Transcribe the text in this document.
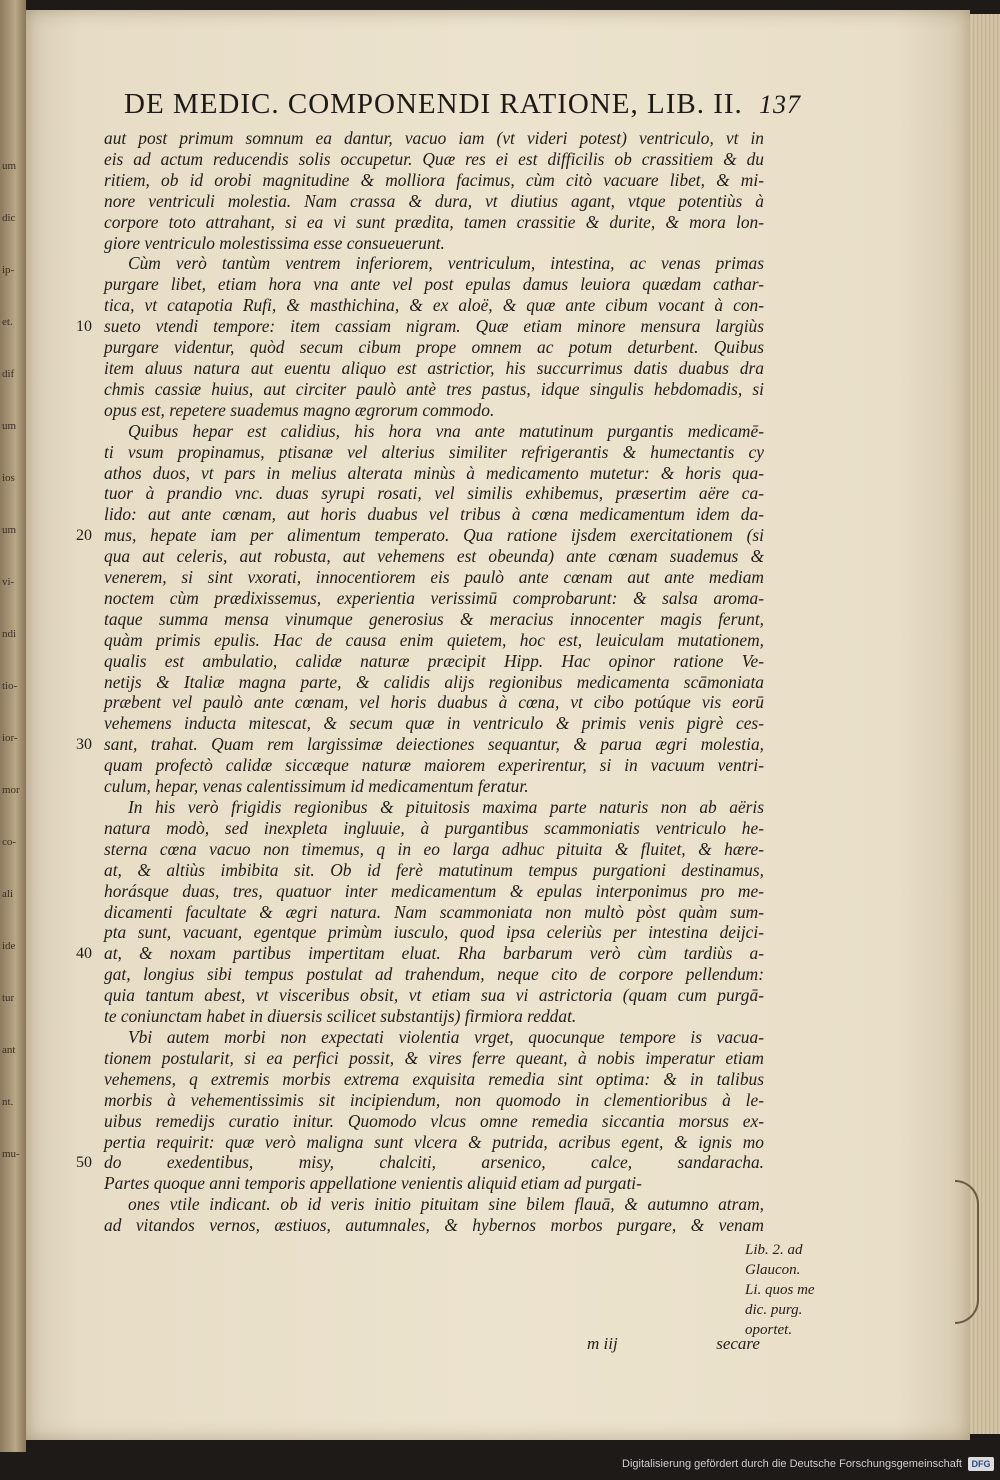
um
dic
ip-
et.
dif
um
ios
um
vi-
ndi
tio-
ior-
mor
co-
ali
ide
tur
ant
nt.
mu-
DE MEDIC. COMPONENDI RATIONE, LIB. II. 137

aut post primum somnum ea dantur, vacuo iam (vt videri potest) ventriculo, vt in

eis ad actum reducendis solis occupetur. Quæ res ei est difficilis ob crassitiem & du

ritiem, ob id orobi magnitudine & molliora facimus, cùm citò vacuare libet, & mi-

nore ventriculi molestia. Nam crassa & dura, vt diutius agant, vtque potentiùs à

corpore toto attrahant, si ea vi sunt prædita, tamen crassitie & durite, & mora lon-

giore ventriculo molestissima esse consueuerunt.

Cùm verò tantùm ventrem inferiorem, ventriculum, intestina, ac venas primas

purgare libet, etiam hora vna ante vel post epulas damus leuiora quædam cathar-

tica, vt catapotia Rufi, & masthichina, & ex aloë, & quæ ante cibum vocant à con-

sueto vtendi tempore: item cassiam nigram. Quæ etiam minore mensura largiùs

purgare videntur, quòd secum cibum prope omnem ac potum deturbent. Quibus

item aluus natura aut euentu aliquo est astrictior, his succurrimus datis duabus dra

chmis cassiæ huius, aut circiter paulò antè tres pastus, idque singulis hebdomadis, si

opus est, repetere suademus magno ægrorum commodo.

Quibus hepar est calidius, his hora vna ante matutinum purgantis medicamē-

ti vsum propinamus, ptisanæ vel alterius similiter refrigerantis & humectantis cy

athos duos, vt pars in melius alterata minùs à medicamento mutetur: & horis qua-

tuor à prandio vnc. duas syrupi rosati, vel similis exhibemus, præsertim aëre ca-

lido: aut ante cœnam, aut horis duabus vel tribus à cœna medicamentum idem da-

mus, hepate iam per alimentum temperato. Qua ratione ijsdem exercitationem (si

qua aut celeris, aut robusta, aut vehemens est obeunda) ante cœnam suademus &

venerem, si sint vxorati, innocentiorem eis paulò ante cœnam aut ante mediam

noctem cùm prædixissemus, experientia verissimū comprobarunt: & salsa aroma-

taque summa mensa vinumque generosius & meracius innocenter magis ferunt,

quàm primis epulis. Hac de causa enim quietem, hoc est, leuiculam mutationem,

qualis est ambulatio, calidæ naturæ præcipit Hipp. Hac opinor ratione Ve-

netijs & Italiæ magna parte, & calidis alijs regionibus medicamenta scāmoniata

præbent vel paulò ante cœnam, vel horis duabus à cœna, vt cibo potúque vis eorū

vehemens inducta mitescat, & secum quæ in ventriculo & primis venis pigrè ces-

sant, trahat. Quam rem largissimæ deiectiones sequantur, & parua ægri molestia,

quam profectò calidæ siccæque naturæ maiorem experirentur, si in vacuum ventri-

culum, hepar, venas calentissimum id medicamentum feratur.

In his verò frigidis regionibus & pituitosis maxima parte naturis non ab aëris

natura modò, sed inexpleta ingluuie, à purgantibus scammoniatis ventriculo he-

sterna cœna vacuo non timemus, q in eo larga adhuc pituita & fluitet, & hære-

at, & altiùs imbibita sit. Ob id ferè matutinum tempus purgationi destinamus,

horásque duas, tres, quatuor inter medicamentum & epulas interponimus pro me-

dicamenti facultate & ægri natura. Nam scammoniata non multò pòst quàm sum-

pta sunt, vacuant, egentque primùm iusculo, quod ipsa celeriùs per intestina deijci-

at, & noxam partibus impertitam eluat. Rha barbarum verò cùm tardiùs a-

gat, longius sibi tempus postulat ad trahendum, neque cito de corpore pellendum:

quia tantum abest, vt visceribus obsit, vt etiam sua vi astrictoria (quam cum purgā-

te coniunctam habet in diuersis scilicet substantijs) firmiora reddat.

Vbi autem morbi non expectati violentia vrget, quocunque tempore is vacua-

tionem postularit, si ea perfici possit, & vires ferre queant, à nobis imperatur etiam

vehemens, q extremis morbis extrema exquisita remedia sint optima: & in talibus

morbis à vehementissimis sit incipiendum, non quomodo in clementioribus à le-

uibus remedijs curatio initur. Quomodo vlcus omne remedia siccantia morsus ex-

pertia requirit: quæ verò maligna sunt vlcera & putrida, acribus egent, & ignis mo

do exedentibus, misy, chalciti, arsenico, calce, sandaracha.

Partes quoque anni temporis appellatione venientis aliquid etiam ad purgati-

ones vtile indicant. ob id veris initio pituitam sine bilem flauā, & autumno atram,

ad vitandos vernos, æstiuos, autumnales, & hybernos morbos purgare, & venam

10
20
30
40
50
Lib. 2. ad
Glaucon.
Li. quos me
dic. purg.
oportet.
m iij	secare
Digitalisierung gefördert durch die Deutsche Forschungsgemeinschaft	DFG
